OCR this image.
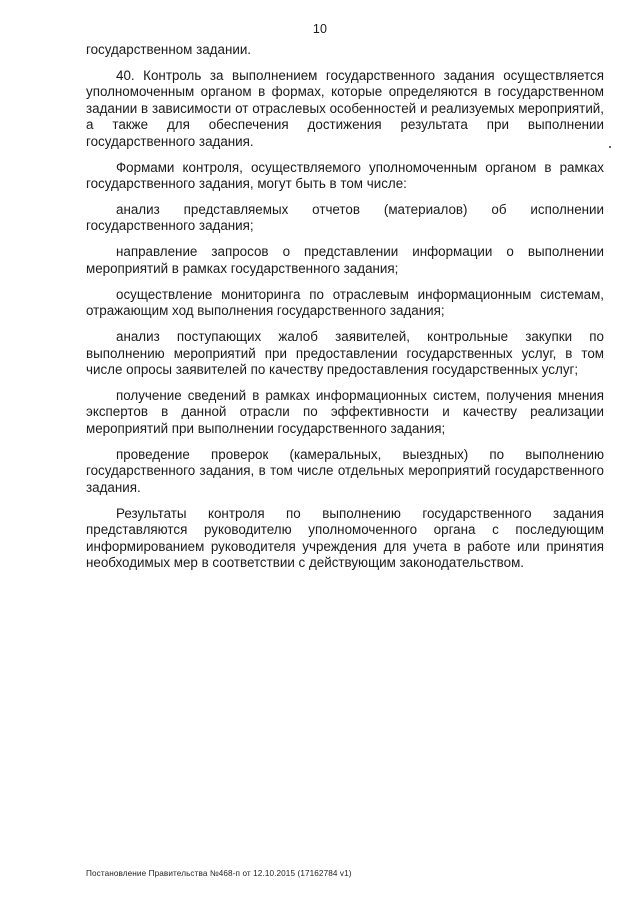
10

государственном задании.

40. Контроль за выполнением государственного задания осуществляется уполномоченным органом в формах, которые определяются в государственном задании в зависимости от отраслевых особенностей и реализуемых мероприятий, а также для обеспечения достижения результата при выполнении государственного задания.

Формами контроля, осуществляемого уполномоченным органом в рамках государственного задания, могут быть в том числе:

анализ представляемых отчетов (материалов) об исполнении государственного задания;

направление запросов о представлении информации о выполнении мероприятий в рамках государственного задания;

осуществление мониторинга по отраслевым информационным системам, отражающим ход выполнения государственного задания;

анализ поступающих жалоб заявителей, контрольные закупки по выполнению мероприятий при предоставлении государственных услуг, в том числе опросы заявителей по качеству предоставления государственных услуг;

получение сведений в рамках информационных систем, получения мнения экспертов в данной отрасли по эффективности и качеству реализации мероприятий при выполнении государственного задания;

проведение проверок (камеральных, выездных) по выполнению государственного задания, в том числе отдельных мероприятий государственного задания.

Результаты контроля по выполнению государственного задания представляются руководителю уполномоченного органа с последующим информированием руководителя учреждения для учета в работе или принятия необходимых мер в соответствии с действующим законодательством.

Постановление Правительства №468-п от 12.10.2015 (17162784 v1)
